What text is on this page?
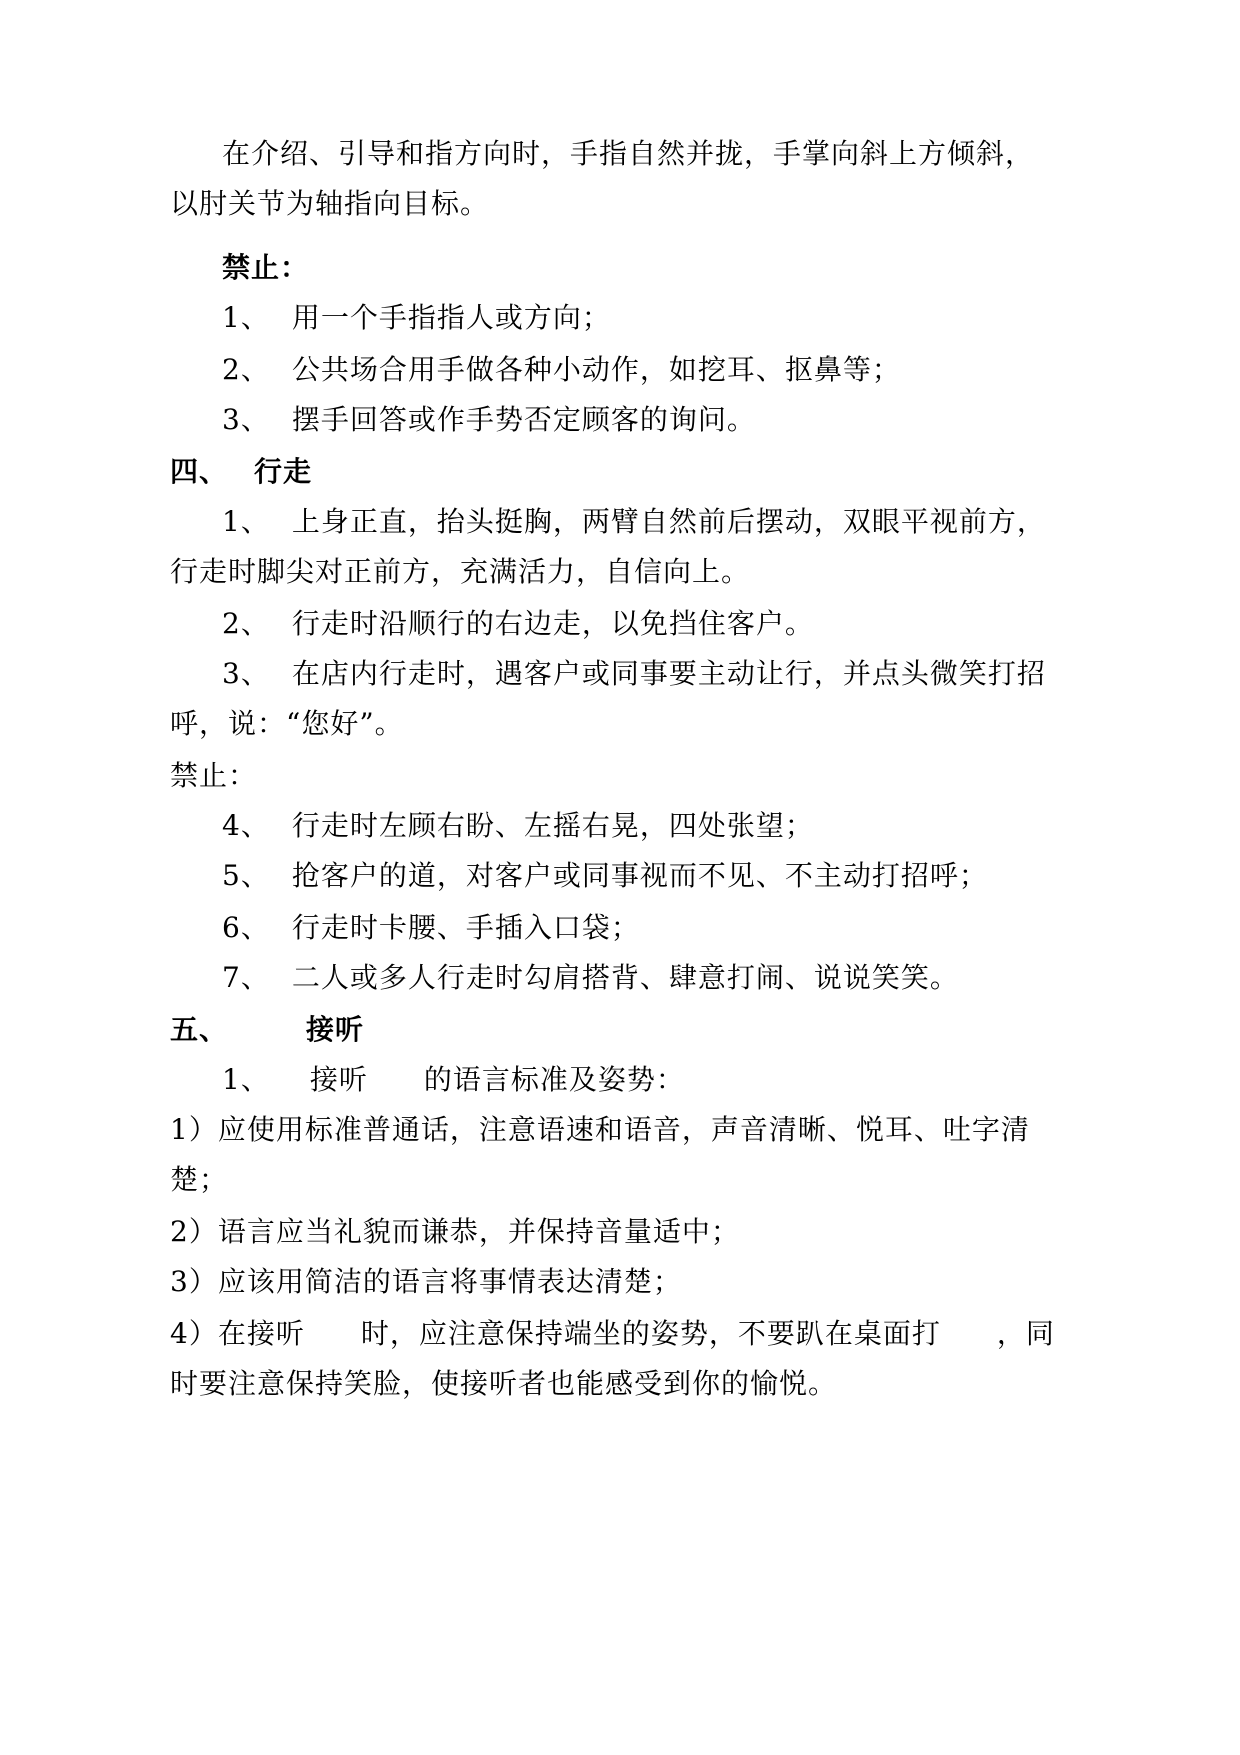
在介绍、引导和指方向时，手指自然并拢，手掌向斜上方倾斜，
以肘关节为轴指向目标。
禁止：
1、 用一个手指指人或方向；
2、 公共场合用手做各种小动作，如挖耳、抠鼻等；
3、 摆手回答或作手势否定顾客的询问。
四、 行走
1、 上身正直，抬头挺胸，两臂自然前后摆动，双眼平视前方，
行走时脚尖对正前方，充满活力，自信向上。
2、 行走时沿顺行的右边走，以免挡住客户。
3、 在店内行走时，遇客户或同事要主动让行，并点头微笑打招
呼，说：“您好”。
禁止：
4、 行走时左顾右盼、左摇右晃，四处张望；
5、 抢客户的道，对客户或同事视而不见、不主动打招呼；
6、 行走时卡腰、手插入口袋；
7、 二人或多人行走时勾肩搭背、肆意打闹、说说笑笑。
五、	接听
1、 接听 的语言标准及姿势：
1）应使用标准普通话，注意语速和语音，声音清晰、悦耳、吐字清
楚；
2）语言应当礼貌而谦恭，并保持音量适中；
3）应该用简洁的语言将事情表达清楚；
4）在接听 时，应注意保持端坐的姿势，不要趴在桌面打 ，同
时要注意保持笑脸，使接听者也能感受到你的愉悦。
